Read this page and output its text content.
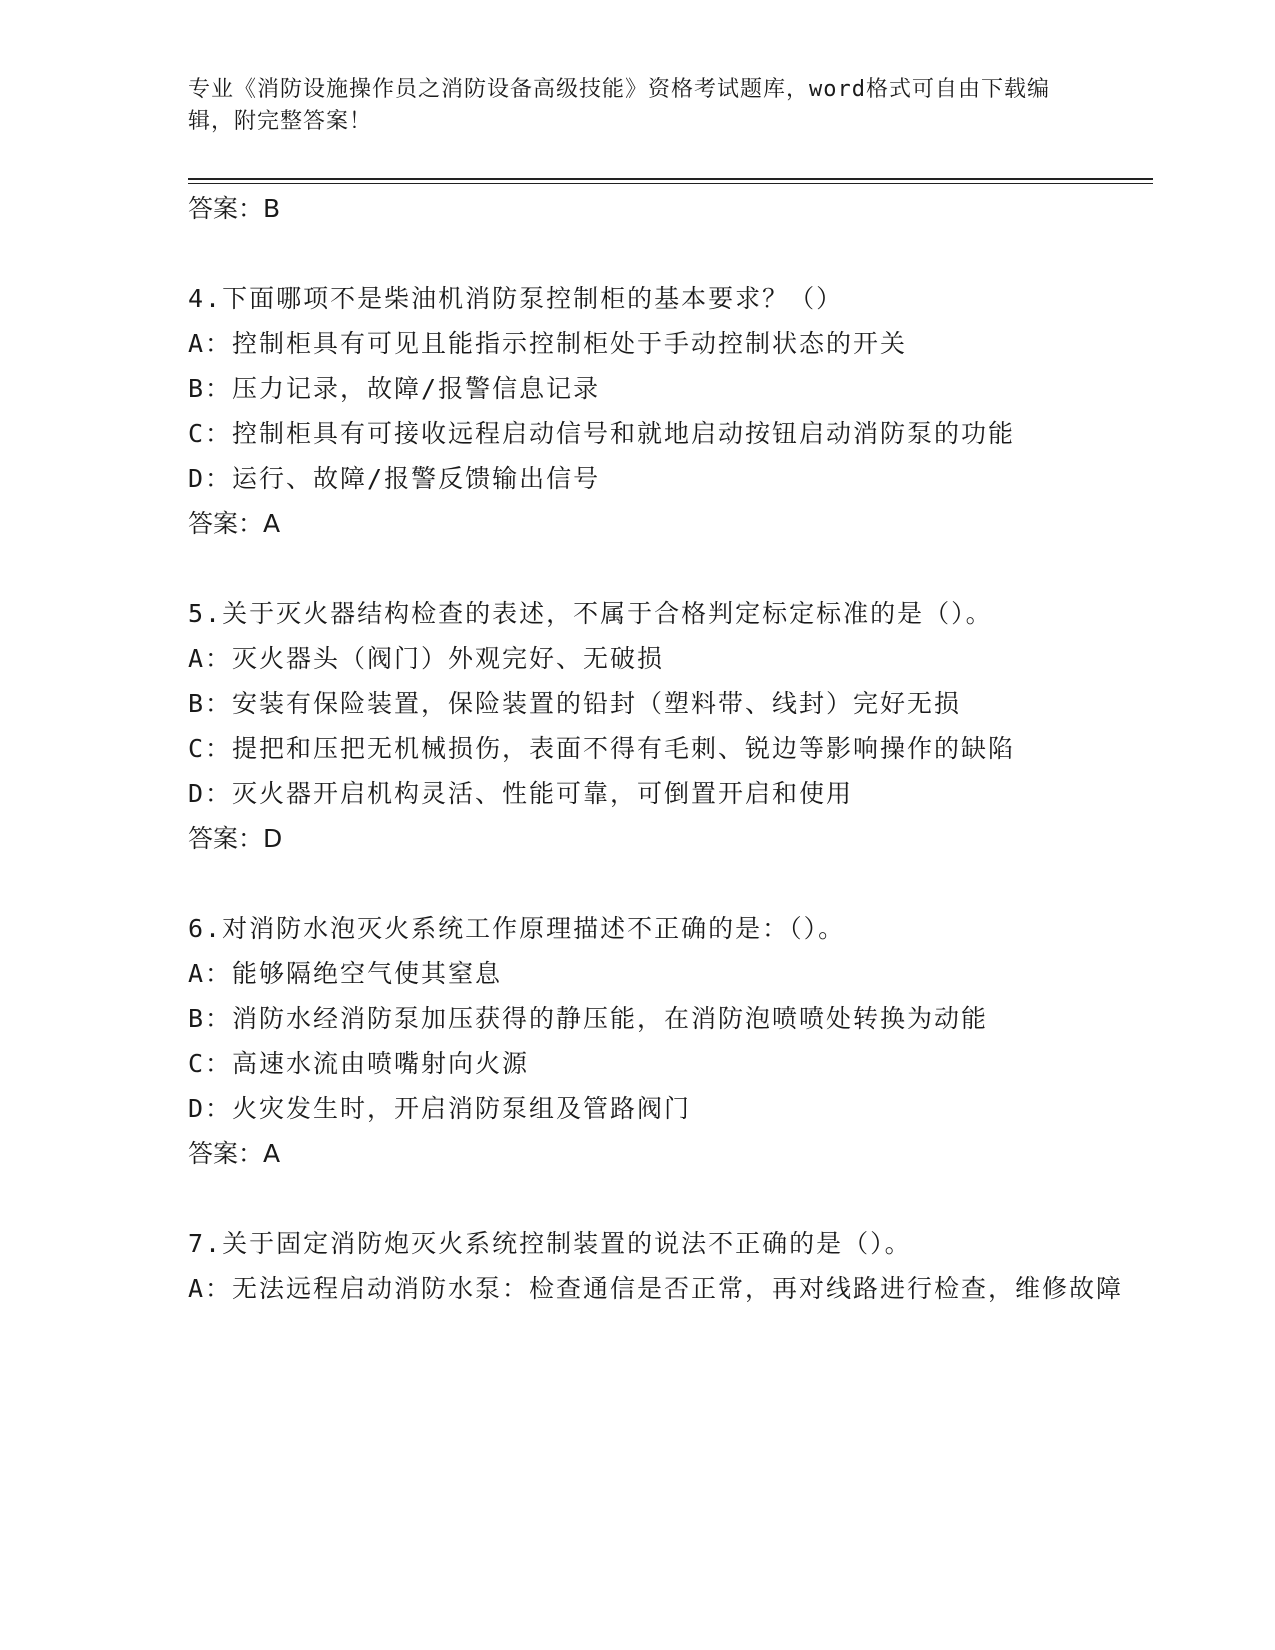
专业《消防设施操作员之消防设备高级技能》资格考试题库，word格式可自由下载编辑，附完整答案！
答案：B
4.下面哪项不是柴油机消防泵控制柜的基本要求？（）
A：控制柜具有可见且能指示控制柜处于手动控制状态的开关
B：压力记录，故障/报警信息记录
C：控制柜具有可接收远程启动信号和就地启动按钮启动消防泵的功能
D：运行、故障/报警反馈输出信号
答案：A
5.关于灭火器结构检查的表述，不属于合格判定标定标准的是（）。
A：灭火器头（阀门）外观完好、无破损
B：安装有保险装置，保险装置的铅封（塑料带、线封）完好无损
C：提把和压把无机械损伤，表面不得有毛刺、锐边等影响操作的缺陷
D：灭火器开启机构灵活、性能可靠，可倒置开启和使用
答案：D
6.对消防水泡灭火系统工作原理描述不正确的是：（）。
A：能够隔绝空气使其窒息
B：消防水经消防泵加压获得的静压能，在消防泡喷喷处转换为动能
C：高速水流由喷嘴射向火源
D：火灾发生时，开启消防泵组及管路阀门
答案：A
7.关于固定消防炮灭火系统控制装置的说法不正确的是（）。
A：无法远程启动消防水泵：检查通信是否正常，再对线路进行检查，维修故障
